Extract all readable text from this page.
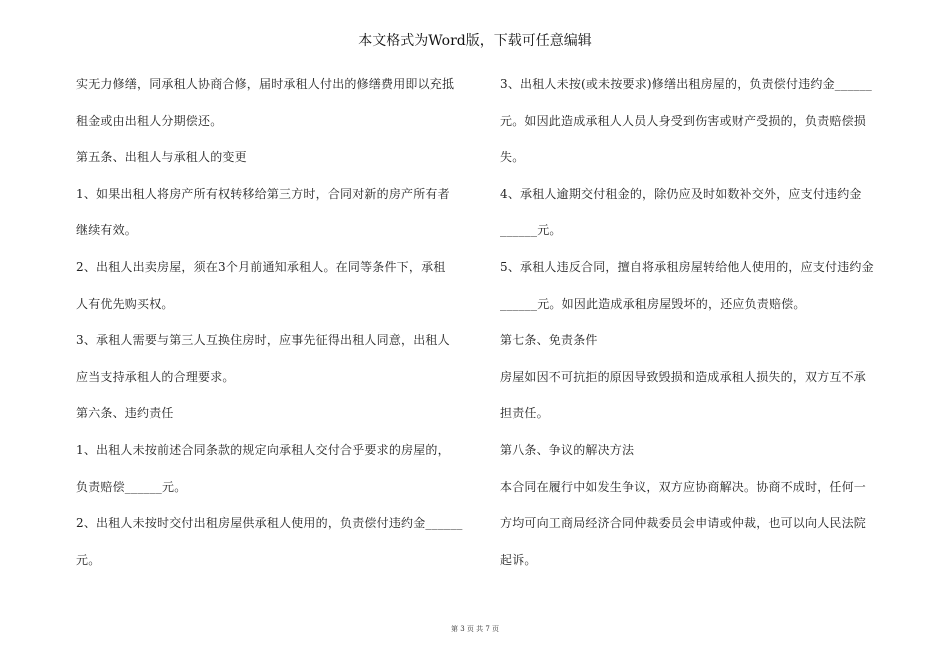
本文格式为Word版，下载可任意编辑

实无力修缮，同承租人协商合修，届时承租人付出的修缮费用即以充抵

租金或由出租人分期偿还。

第五条、出租人与承租人的变更

1、如果出租人将房产所有权转移给第三方时，合同对新的房产所有者

继续有效。

2、出租人出卖房屋，须在3个月前通知承租人。在同等条件下，承租

人有优先购买权。

3、承租人需要与第三人互换住房时，应事先征得出租人同意，出租人

应当支持承租人的合理要求。

第六条、违约责任

1、出租人未按前述合同条款的规定向承租人交付合乎要求的房屋的，

负责赔偿______元。

2、出租人未按时交付出租房屋供承租人使用的，负责偿付违约金______

元。

3、出租人未按(或未按要求)修缮出租房屋的，负责偿付违约金______

元。如因此造成承租人人员人身受到伤害或财产受损的，负责赔偿损

失。

4、承租人逾期交付租金的，除仍应及时如数补交外，应支付违约金

______元。

5、承租人违反合同，擅自将承租房屋转给他人使用的，应支付违约金

______元。如因此造成承租房屋毁坏的，还应负责赔偿。

第七条、免责条件

房屋如因不可抗拒的原因导致毁损和造成承租人损失的，双方互不承

担责任。

第八条、争议的解决方法

本合同在履行中如发生争议，双方应协商解决。协商不成时，任何一

方均可向工商局经济合同仲裁委员会申请或仲裁，也可以向人民法院

起诉。

第 3 页 共 7 页
